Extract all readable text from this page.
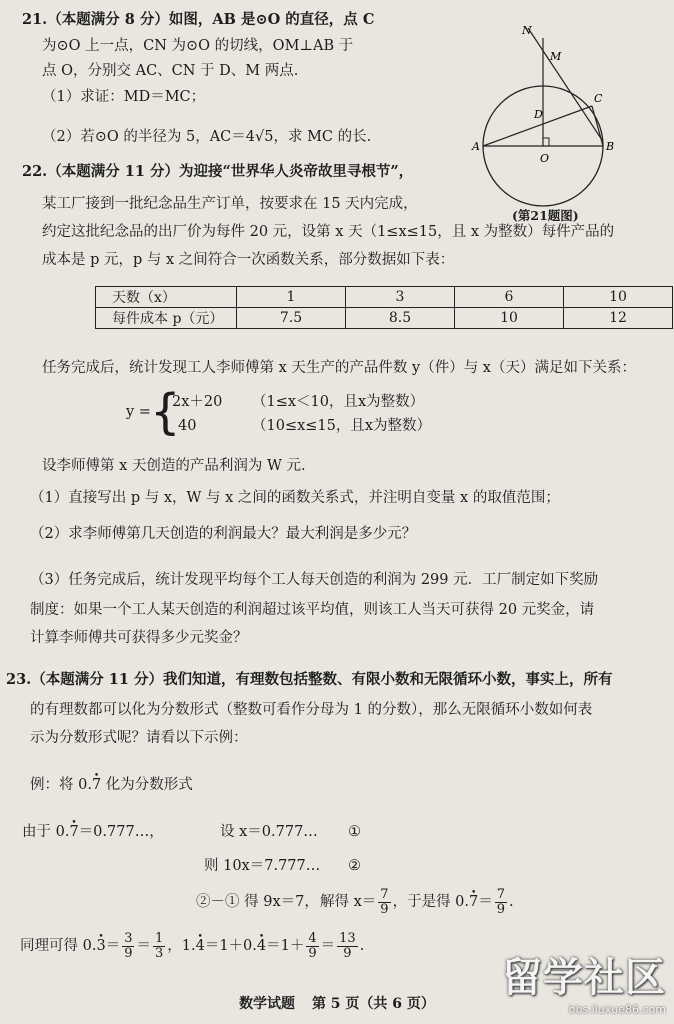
21.（本题满分 8 分）如图，AB 是⊙O 的直径，点 C
为⊙O 上一点，CN 为⊙O 的切线，OM⊥AB 于
点 O，分别交 AC、CN 于 D、M 两点.
（1）求证：MD＝MC；
（2）若⊙O 的半径为 5，AC＝4√5，求 MC 的长.
N
M
C
D
A
O
B
(第21题图)
22.（本题满分 11 分）为迎接“世界华人炎帝故里寻根节”，
某工厂接到一批纪念品生产订单，按要求在 15 天内完成，
约定这批纪念品的出厂价为每件 20 元，设第 x 天（1≤x≤15，且 x 为整数）每件产品的
成本是 p 元，p 与 x 之间符合一次函数关系，部分数据如下表：
天数（x）	1	3	6	10
每件成本 p（元）	7.5	8.5	10	12
任务完成后，统计发现工人李师傅第 x 天生产的产品件数 y（件）与 x（天）满足如下关系：
y = {
2x＋20 （1≤x＜10，且x为整数）
40	（10≤x≤15，且x为整数）
设李师傅第 x 天创造的产品利润为 W 元.
（1）直接写出 p 与 x，W 与 x 之间的函数关系式，并注明自变量 x 的取值范围；
（2）求李师傅第几天创造的利润最大？最大利润是多少元？
（3）任务完成后，统计发现平均每个工人每天创造的利润为 299 元．工厂制定如下奖励
制度：如果一个工人某天创造的利润超过该平均值，则该工人当天可获得 20 元奖金，请
计算李师傅共可获得多少元奖金？
23.（本题满分 11 分）我们知道，有理数包括整数、有限小数和无限循环小数，事实上，所有
的有理数都可以化为分数形式（整数可看作分母为 1 的分数），那么无限循环小数如何表
示为分数形式呢？请看以下示例：
例：将 0.• 7 化为分数形式
由于 0.• 7＝0.777…，	设 x＝0.777… ①
则 10x＝7.777… ②
②－① 得 9x＝7， 解得 $x= \frac{7}{9}$ ，于是得 0.• $7= \frac{7}{9}$ .
同理可得 0.• $3= \frac{3}{9} = \frac{1}{3}$ ，1.• 4＝1＋0.• $4=1+ \frac{4}{9} = \frac{13}{9}$ .
留学社区
bbs.liuxue86.com
数学试题 第 5 页（共 6 页）
